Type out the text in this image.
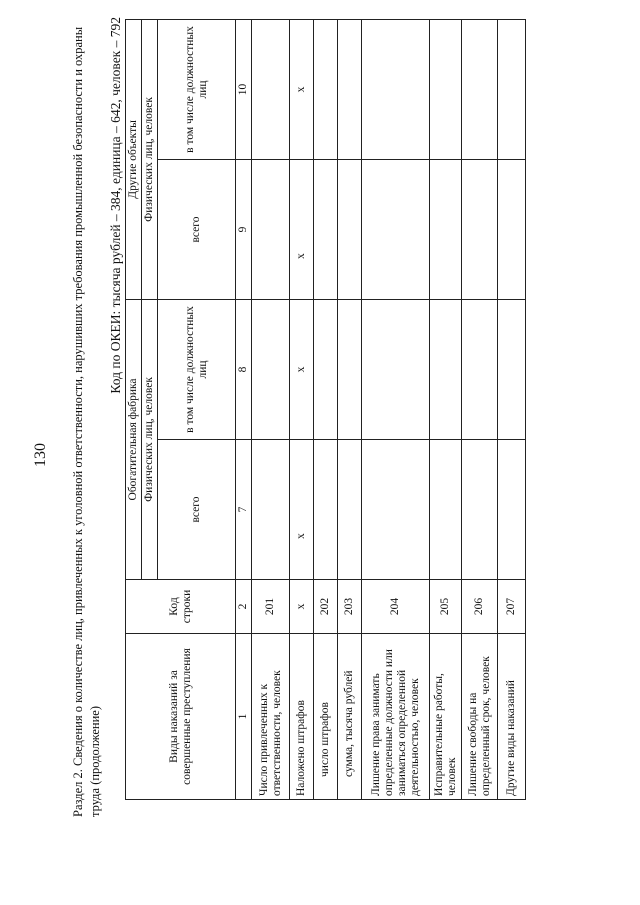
130 Раздел 2. Сведения о количестве лиц, привлеченных к уголовной ответственности, нарушивших требования промышленной безопасности и охраны труда (продолжение)
Код по ОКЕИ: тысяча рублей – 384, единица – 642, человек – 792
Виды наказаний за совершенные преступления	Код строки	Обогатительная фабрика		Другие объекты	
		Физических лиц, человек		Физических лиц, человек	
		всего	в том числе должностных лиц	всего	в том числе должностных лиц
1	2	7	8	9	10
Число привлеченных к ответственности, человек	201				
Наложено штрафов	х	х	х	х	х
число штрафов	202				
сумма, тысяча рублей	203				
Лишение права занимать определенные должности или заниматься определенной деятельностью, человек	204				
Исправительные работы, человек	205				
Лишение свободы на определенный срок, человек	206				
Другие виды наказаний	207				
